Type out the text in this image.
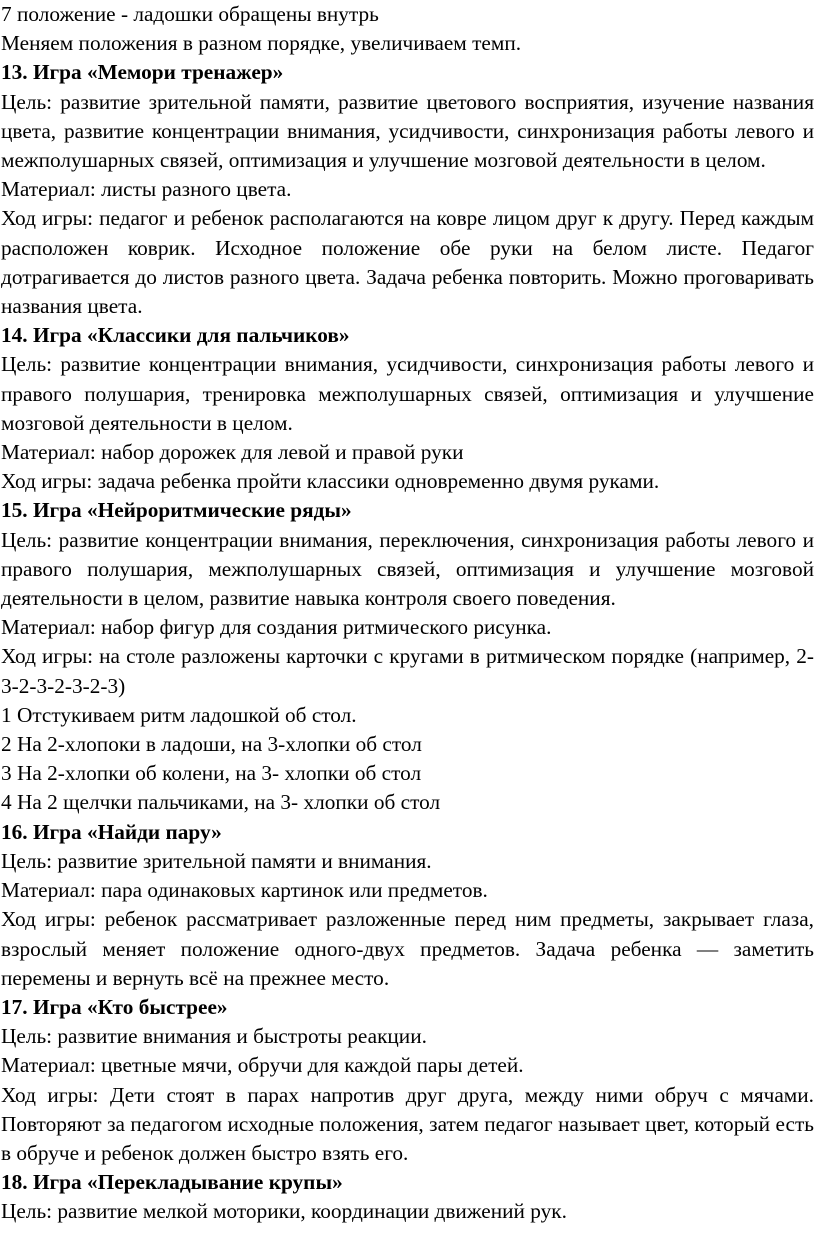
7 положение - ладошки обращены внутрь

Меняем положения в разном порядке, увеличиваем темп.

13. Игра «Мемори тренажер»

Цель: развитие зрительной памяти, развитие цветового восприятия, изучение названия цвета, развитие концентрации внимания, усидчивости, синхронизация работы левого и межполушарных связей, оптимизация и улучшение мозговой деятельности в целом.

Материал: листы разного цвета.

Ход игры: педагог и ребенок располагаются на ковре лицом друг к другу. Перед каждым расположен коврик. Исходное положение обе руки на белом листе. Педагог дотрагивается до листов разного цвета. Задача ребенка повторить. Можно проговаривать названия цвета.

14. Игра «Классики для пальчиков»

Цель: развитие концентрации внимания, усидчивости, синхронизация работы левого и правого полушария, тренировка межполушарных связей, оптимизация и улучшение мозговой деятельности в целом.

Материал: набор дорожек для левой и правой руки

Ход игры: задача ребенка пройти классики одновременно двумя руками.

15. Игра «Нейроритмические ряды»

Цель: развитие концентрации внимания, переключения, синхронизация работы левого и правого полушария, межполушарных связей, оптимизация и улучшение мозговой деятельности в целом, развитие навыка контроля своего поведения.

Материал: набор фигур для создания ритмического рисунка.

Ход игры: на столе разложены карточки с кругами в ритмическом порядке (например, 2-3-2-3-2-3-2-3)

1 Отстукиваем ритм ладошкой об стол.

2 На 2-хлопоки в ладоши, на 3-хлопки об стол

3 На 2-хлопки об колени, на 3- хлопки об стол

4 На 2 щелчки пальчиками, на 3- хлопки об стол

16. Игра «Найди пару»

Цель: развитие зрительной памяти и внимания.

Материал: пара одинаковых картинок или предметов.

Ход игры: ребенок рассматривает разложенные перед ним предметы, закрывает глаза, взрослый меняет положение одного-двух предметов. Задача ребенка — заметить перемены и вернуть всё на прежнее место.

17. Игра «Кто быстрее»

Цель: развитие внимания и быстроты реакции.

Материал: цветные мячи, обручи для каждой пары детей.

Ход игры: Дети стоят в парах напротив друг друга, между ними обруч с мячами. Повторяют за педагогом исходные положения, затем педагог называет цвет, который есть в обруче и ребенок должен быстро взять его.

18. Игра «Перекладывание крупы»

Цель: развитие мелкой моторики, координации движений рук.
